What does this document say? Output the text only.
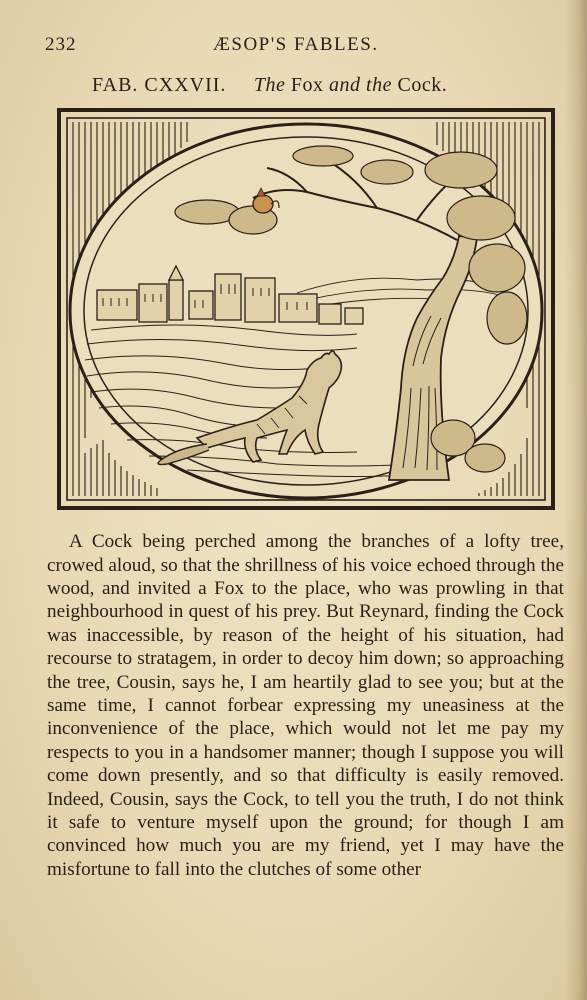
232	ÆSOP'S FABLES.
FAB. CXXVII. The Fox and the Cock.

A Cock being perched among the branches of a lofty tree, crowed aloud, so that the shrillness of his voice echoed through the wood, and invited a Fox to the place, who was prowling in that neighbourhood in quest of his prey. But Reynard, finding the Cock was inaccessible, by reason of the height of his situation, had recourse to stratagem, in order to decoy him down; so approaching the tree, Cousin, says he, I am heartily glad to see you; but at the same time, I cannot forbear expressing my uneasiness at the inconvenience of the place, which would not let me pay my respects to you in a handsomer manner; though I suppose you will come down presently, and so that difficulty is easily removed. Indeed, Cousin, says the Cock, to tell you the truth, I do not think it safe to venture myself upon the ground; for though I am convinced how much you are my friend, yet I may have the misfortune to fall into the clutches of some other
